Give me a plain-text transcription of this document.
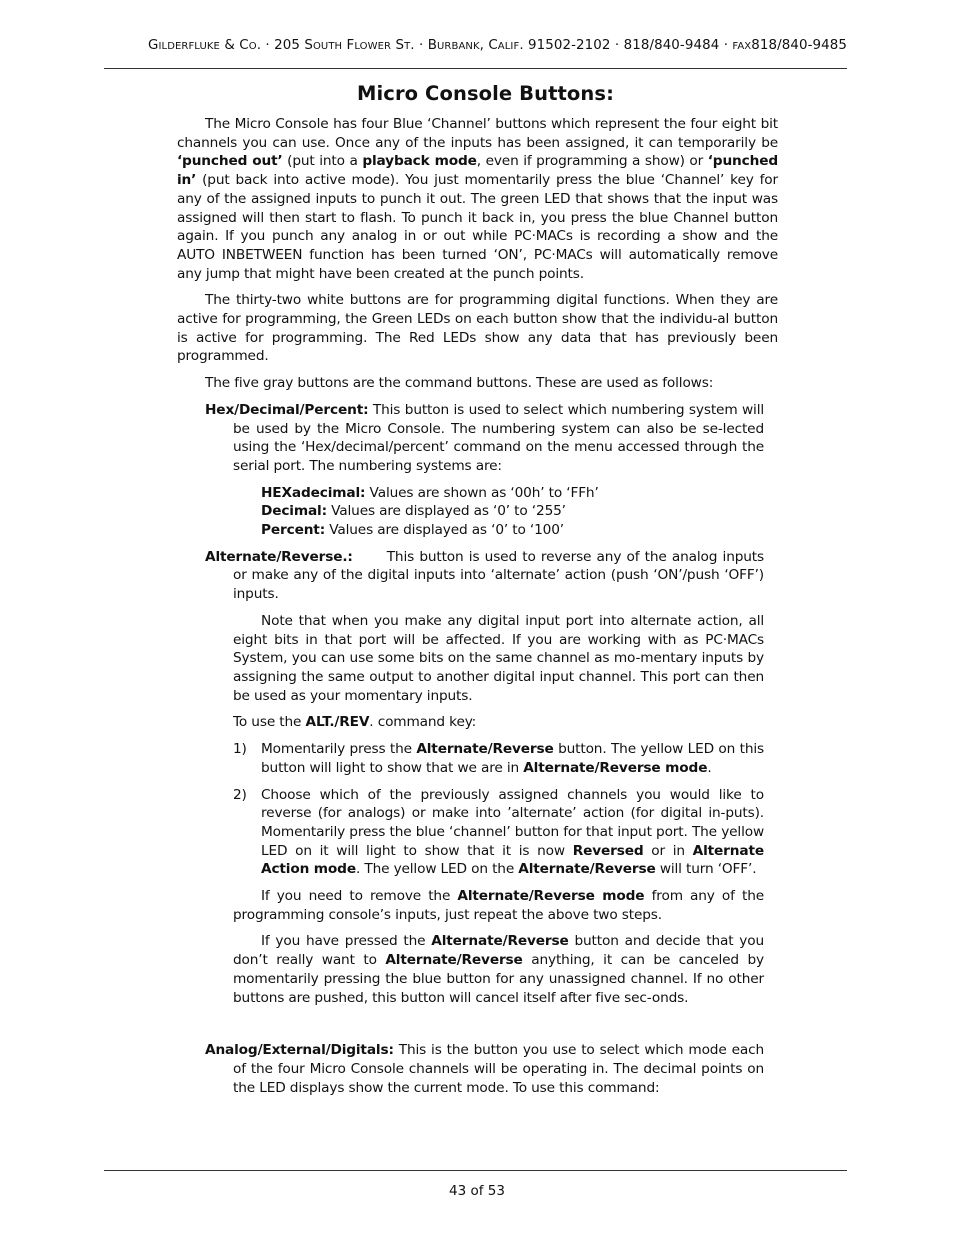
GILDERFLUKE & CO. · 205 SOUTH FLOWER ST. · BURBANK, CALIF. 91502-2102 · 818/840-9484 · FAX818/840-9485
Micro Console Buttons:

The Micro Console has four Blue ‘Channel’ buttons which represent the four eight bit channels you can use. Once any of the inputs has been assigned, it can temporarily be ‘punched out’ (put into a playback mode, even if programming a show) or ‘punched in’ (put back into active mode). You just momentarily press the blue ‘Channel’ key for any of the assigned inputs to punch it out. The green LED that shows that the input was assigned will then start to flash. To punch it back in, you press the blue Channel button again. If you punch any analog in or out while PC·MACs is recording a show and the AUTO INBETWEEN function has been turned ‘ON’, PC·MACs will automatically remove any jump that might have been created at the punch points.

The thirty-two white buttons are for programming digital functions. When they are active for programming, the Green LEDs on each button show that the individu-al button is active for programming. The Red LEDs show any data that has previously been programmed.

The five gray buttons are the command buttons. These are used as follows:

Hex/Decimal/Percent: This button is used to select which numbering system will be used by the Micro Console. The numbering system can also be se-lected using the ‘Hex/decimal/percent’ command on the menu accessed through the serial port. The numbering systems are:

HEXadecimal: Values are shown as ‘00h’ to ‘FFh’
Decimal: Values are displayed as ‘0’ to ‘255’
Percent: Values are displayed as ‘0’ to ‘100’

Alternate/Reverse.: This button is used to reverse any of the analog inputs or make any of the digital inputs into ‘alternate’ action (push ‘ON’/push ‘OFF’) inputs.

Note that when you make any digital input port into alternate action, all eight bits in that port will be affected. If you are working with as PC·MACs System, you can use some bits on the same channel as mo-mentary inputs by assigning the same output to another digital input channel. This port can then be used as your momentary inputs.

To use the ALT./REV. command key:

1) Momentarily press the Alternate/Reverse button. The yellow LED on this button will light to show that we are in Alternate/Reverse mode.

2) Choose which of the previously assigned channels you would like to reverse (for analogs) or make into ’alternate’ action (for digital in-puts). Momentarily press the blue ‘channel’ button for that input port. The yellow LED on it will light to show that it is now Reversed or in Alternate Action mode. The yellow LED on the Alternate/Reverse will turn ‘OFF’.

If you need to remove the Alternate/Reverse mode from any of the programming console’s inputs, just repeat the above two steps.

If you have pressed the Alternate/Reverse button and decide that you don’t really want to Alternate/Reverse anything, it can be canceled by momentarily pressing the blue button for any unassigned channel. If no other buttons are pushed, this button will cancel itself after five sec-onds.

Analog/External/Digitals: This is the button you use to select which mode each of the four Micro Console channels will be operating in. The decimal points on the LED displays show the current mode. To use this command:

43 of 53
